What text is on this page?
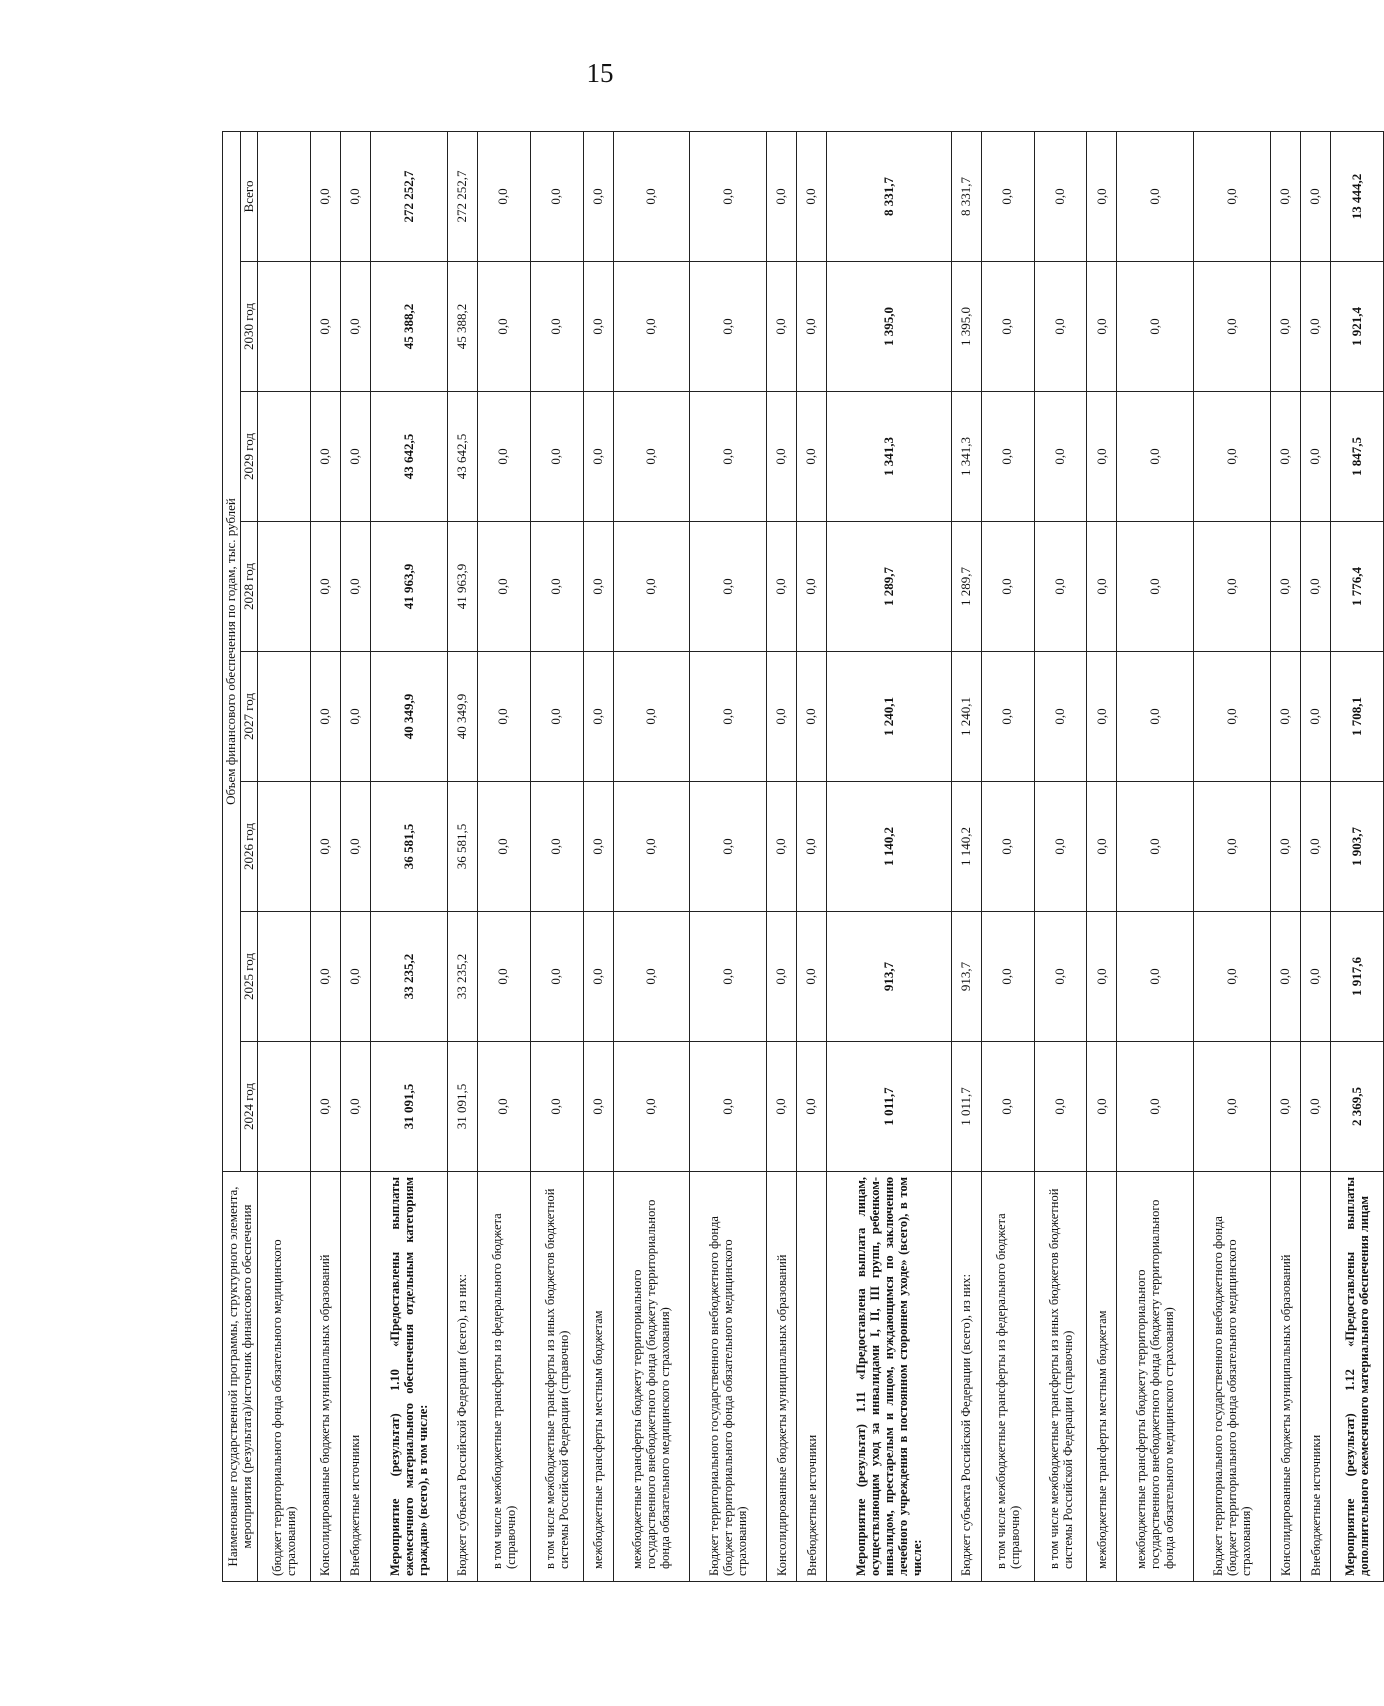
15
Наименование государственной программы, структурного элемента, мероприятия (результата)/источник финансового обеспечения	Объем финансового обеспечения по годам, тыс. рублей							
	2024 год	2025 год	2026 год	2027 год	2028 год	2029 год	2030 год	Всего
(бюджет территориального фонда обязательного медицинского страхования)								
Консолидированные бюджеты муниципальных образований	0,0	0,0	0,0	0,0	0,0	0,0	0,0	0,0
Внебюджетные источники	0,0	0,0	0,0	0,0	0,0	0,0	0,0	0,0
Мероприятие (результат) 1.10 «Предоставлены выплаты ежемесячного материального обеспечения отдельным категориям граждан» (всего), в том числе:	31 091,5	33 235,2	36 581,5	40 349,9	41 963,9	43 642,5	45 388,2	272 252,7
Бюджет субъекта Российской Федерации (всего), из них:	31 091,5	33 235,2	36 581,5	40 349,9	41 963,9	43 642,5	45 388,2	272 252,7
в том числе межбюджетные трансферты из федерального бюджета (справочно)	0,0	0,0	0,0	0,0	0,0	0,0	0,0	0,0
в том числе межбюджетные трансферты из иных бюджетов бюджетной системы Российской Федерации (справочно)	0,0	0,0	0,0	0,0	0,0	0,0	0,0	0,0
межбюджетные трансферты местным бюджетам	0,0	0,0	0,0	0,0	0,0	0,0	0,0	0,0
межбюджетные трансферты бюджету территориального государственного внебюджетного фонда (бюджету территориального фонда обязательного медицинского страхования)	0,0	0,0	0,0	0,0	0,0	0,0	0,0	0,0
Бюджет территориального государственного внебюджетного фонда (бюджет территориального фонда обязательного медицинского страхования)	0,0	0,0	0,0	0,0	0,0	0,0	0,0	0,0
Консолидированные бюджеты муниципальных образований	0,0	0,0	0,0	0,0	0,0	0,0	0,0	0,0
Внебюджетные источники	0,0	0,0	0,0	0,0	0,0	0,0	0,0	0,0
Мероприятие (результат) 1.11 «Предоставлена выплата лицам, осуществляющим уход за инвалидами I, II, III групп, ребенком-инвалидом, престарелым и лицом, нуждающимся по заключению лечебного учреждения в постоянном стороннем уходе» (всего), в том числе:	1 011,7	913,7	1 140,2	1 240,1	1 289,7	1 341,3	1 395,0	8 331,7
Бюджет субъекта Российской Федерации (всего), из них:	1 011,7	913,7	1 140,2	1 240,1	1 289,7	1 341,3	1 395,0	8 331,7
в том числе межбюджетные трансферты из федерального бюджета (справочно)	0,0	0,0	0,0	0,0	0,0	0,0	0,0	0,0
в том числе межбюджетные трансферты из иных бюджетов бюджетной системы Российской Федерации (справочно)	0,0	0,0	0,0	0,0	0,0	0,0	0,0	0,0
межбюджетные трансферты местным бюджетам	0,0	0,0	0,0	0,0	0,0	0,0	0,0	0,0
межбюджетные трансферты бюджету территориального государственного внебюджетного фонда (бюджету территориального фонда обязательного медицинского страхования)	0,0	0,0	0,0	0,0	0,0	0,0	0,0	0,0
Бюджет территориального государственного внебюджетного фонда (бюджет территориального фонда обязательного медицинского страхования)	0,0	0,0	0,0	0,0	0,0	0,0	0,0	0,0
Консолидированные бюджеты муниципальных образований	0,0	0,0	0,0	0,0	0,0	0,0	0,0	0,0
Внебюджетные источники	0,0	0,0	0,0	0,0	0,0	0,0	0,0	0,0
Мероприятие (результат) 1.12 «Предоставлены выплаты дополнительного ежемесячного материального обеспечения лицам	2 369,5	1 917,6	1 903,7	1 708,1	1 776,4	1 847,5	1 921,4	13 444,2
